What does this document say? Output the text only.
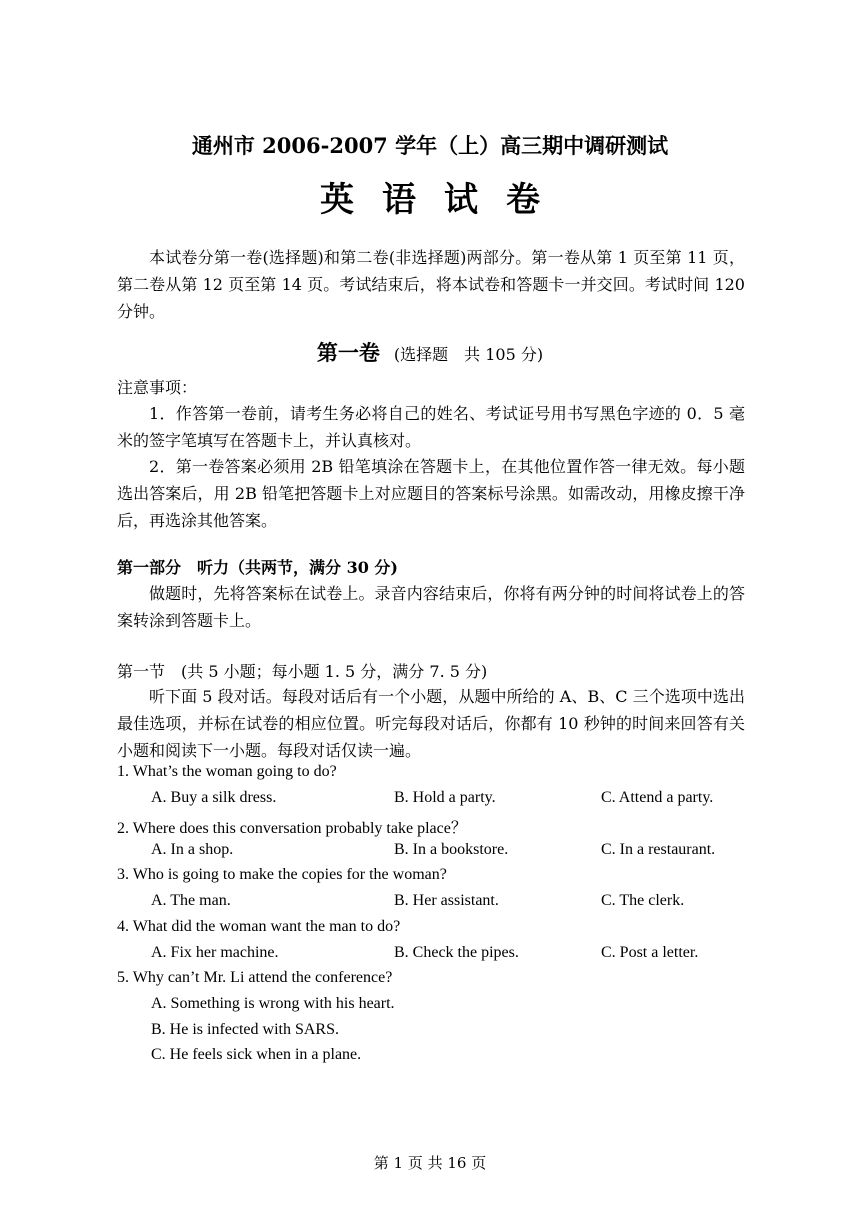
通州市 2006-2007 学年（上）高三期中调研测试
英语试卷
本试卷分第一卷(选择题)和第二卷(非选择题)两部分。第一卷从第 1 页至第 11 页，第二卷从第 12 页至第 14 页。考试结束后，将本试卷和答题卡一并交回。考试时间 120 分钟。
第一卷 (选择题　共 105 分)
注意事项：
1．作答第一卷前，请考生务必将自己的姓名、考试证号用书写黑色字迹的 0．5 毫米的签字笔填写在答题卡上，并认真核对。
2．第一卷答案必须用 2B 铅笔填涂在答题卡上，在其他位置作答一律无效。每小题选出答案后，用 2B 铅笔把答题卡上对应题目的答案标号涂黑。如需改动，用橡皮擦干净后，再选涂其他答案。
第一部分　听力（共两节，满分 30 分)
做题时，先将答案标在试卷上。录音内容结束后，你将有两分钟的时间将试卷上的答案转涂到答题卡上。
第一节　(共 5 小题；每小题 1. 5 分，满分 7. 5 分)
听下面 5 段对话。每段对话后有一个小题，从题中所给的 A、B、C 三个选项中选出最佳选项，并标在试卷的相应位置。听完每段对话后，你都有 10 秒钟的时间来回答有关小题和阅读下一小题。每段对话仅读一遍。
1. What’s the woman going to do?
A. Buy a silk dress.	B. Hold a party.	C. Attend a party.
2. Where does this conversation probably take place？
A. In a shop.	B. In a bookstore.	C. In a restaurant.
3. Who is going to make the copies for the woman?
A. The man.	B. Her assistant.	C. The clerk.
4. What did the woman want the man to do?
A. Fix her machine.	B. Check the pipes.	C. Post a letter.
5. Why can’t Mr. Li attend the conference?
A. Something is wrong with his heart.
B. He is infected with SARS.
C. He feels sick when in a plane.
第 1 页 共 16 页
